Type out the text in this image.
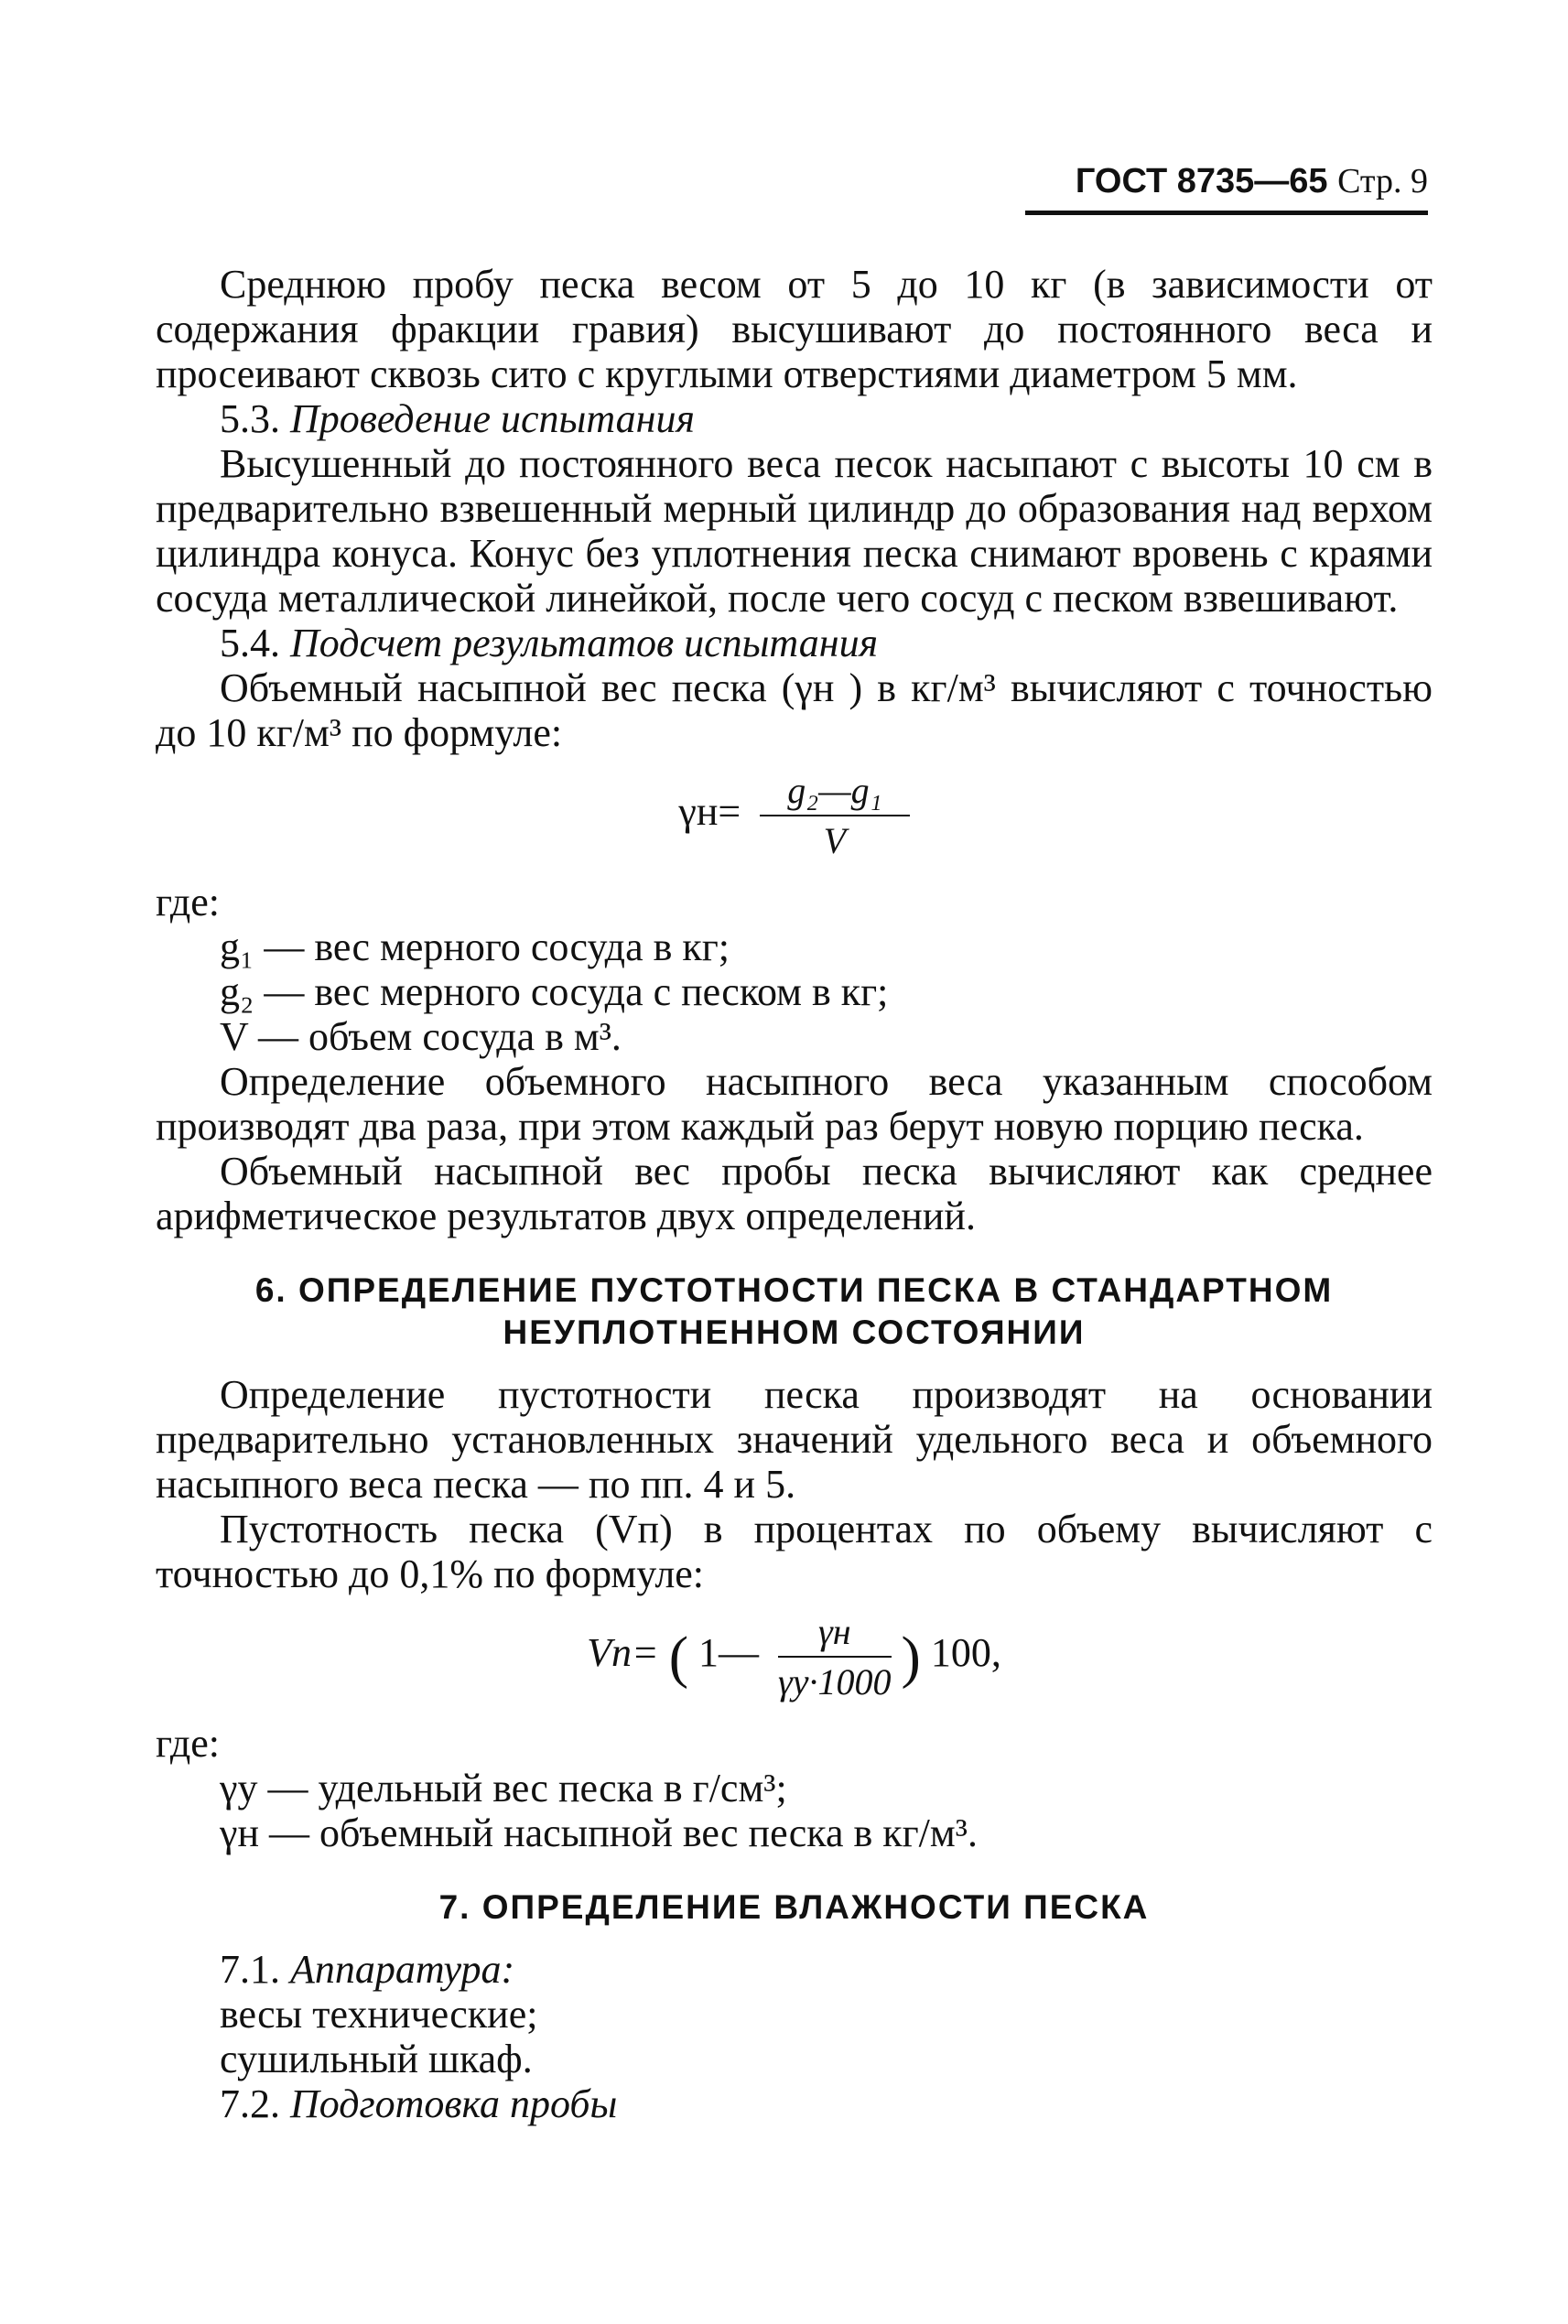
ГОСТ 8735—65 Стр. 9

Среднюю пробу песка весом от 5 до 10 кг (в зависимости от содержания фракции гравия) высушивают до постоянного веса и просеивают сквозь сито с круглыми отверстиями диаметром 5 мм.

5.3. Проведение испытания

Высушенный до постоянного веса песок насыпают с высоты 10 см в предварительно взвешенный мерный цилиндр до образования над верхом цилиндра конуса. Конус без уплотнения песка снимают вровень с краями сосуда металлической линейкой, после чего сосуд с песком взвешивают.

5.4. Подсчет результатов испытания

Объемный насыпной вес песка (γн ) в кг/м³ вычисляют с точностью до 10 кг/м³ по формуле:

$\gamma н= \frac{\text{g₂—g₁}}{V}$

где:

g₁ — вес мерного сосуда в кг;

g₂ — вес мерного сосуда с песком в кг;

V — объем сосуда в м³.

Определение объемного насыпного веса указанным способом производят два раза, при этом каждый раз берут новую порцию песка.

Объемный насыпной вес пробы песка вычисляют как среднее арифметическое результатов двух определений.

6. ОПРЕДЕЛЕНИЕ ПУСТОТНОСТИ ПЕСКА В СТАНДАРТНОМ
НЕУПЛОТНЕННОМ СОСТОЯНИИ

Определение пустотности песка производят на основании предварительно установленных значений удельного веса и объемного насыпного веса песка — по пп. 4 и 5.

Пустотность песка (Vп) в процентах по объему вычисляют с точностью до 0,1% по формуле:

Vп= ( 1— $\frac{\gamma н}{\gamma у\cdot 1000}$ ) 100,

где:

γу — удельный вес песка в г/см³;

γн — объемный насыпной вес песка в кг/м³.

7. ОПРЕДЕЛЕНИЕ ВЛАЖНОСТИ ПЕСКА

7.1. Аппаратура:

весы технические;

сушильный шкаф.

7.2. Подготовка пробы
